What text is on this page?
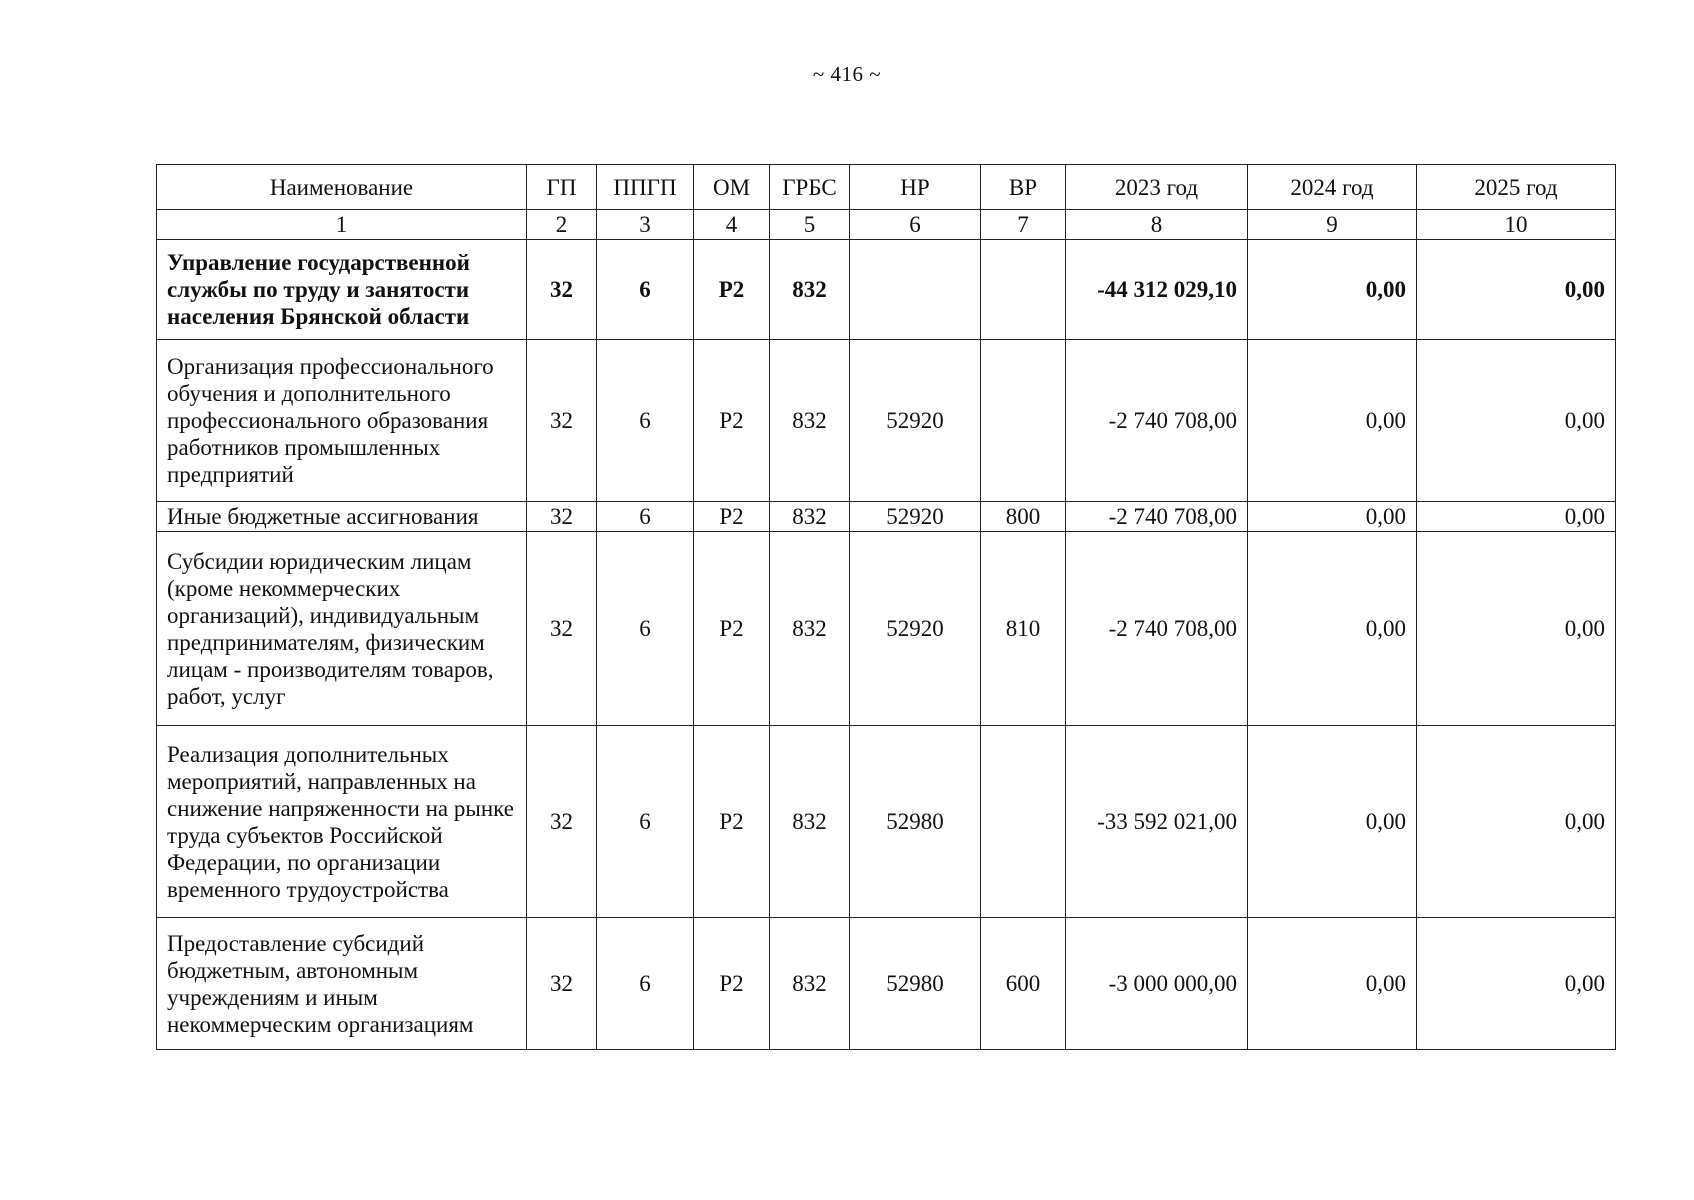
~ 416 ~
Наименование	ГП	ППГП	ОМ	ГРБС	НР	ВР	2023 год	2024 год	2025 год
1	2	3	4	5	6	7	8	9	10
Управление государственной службы по труду и занятости населения Брянской области	32	6	Р2	832			-44 312 029,10	0,00	0,00
Организация профессионального обучения и дополнительного профессионального образования работников промышленных предприятий	32	6	Р2	832	52920		-2 740 708,00	0,00	0,00
Иные бюджетные ассигнования	32	6	Р2	832	52920	800	-2 740 708,00	0,00	0,00
Субсидии юридическим лицам (кроме некоммерческих организаций), индивидуальным предпринимателям, физическим лицам - производителям товаров, работ, услуг	32	6	Р2	832	52920	810	-2 740 708,00	0,00	0,00
Реализация дополнительных мероприятий, направленных на снижение напряженности на рынке труда субъектов Российской Федерации, по организации временного трудоустройства	32	6	Р2	832	52980		-33 592 021,00	0,00	0,00
Предоставление субсидий бюджетным, автономным учреждениям и иным некоммерческим организациям	32	6	Р2	832	52980	600	-3 000 000,00	0,00	0,00
